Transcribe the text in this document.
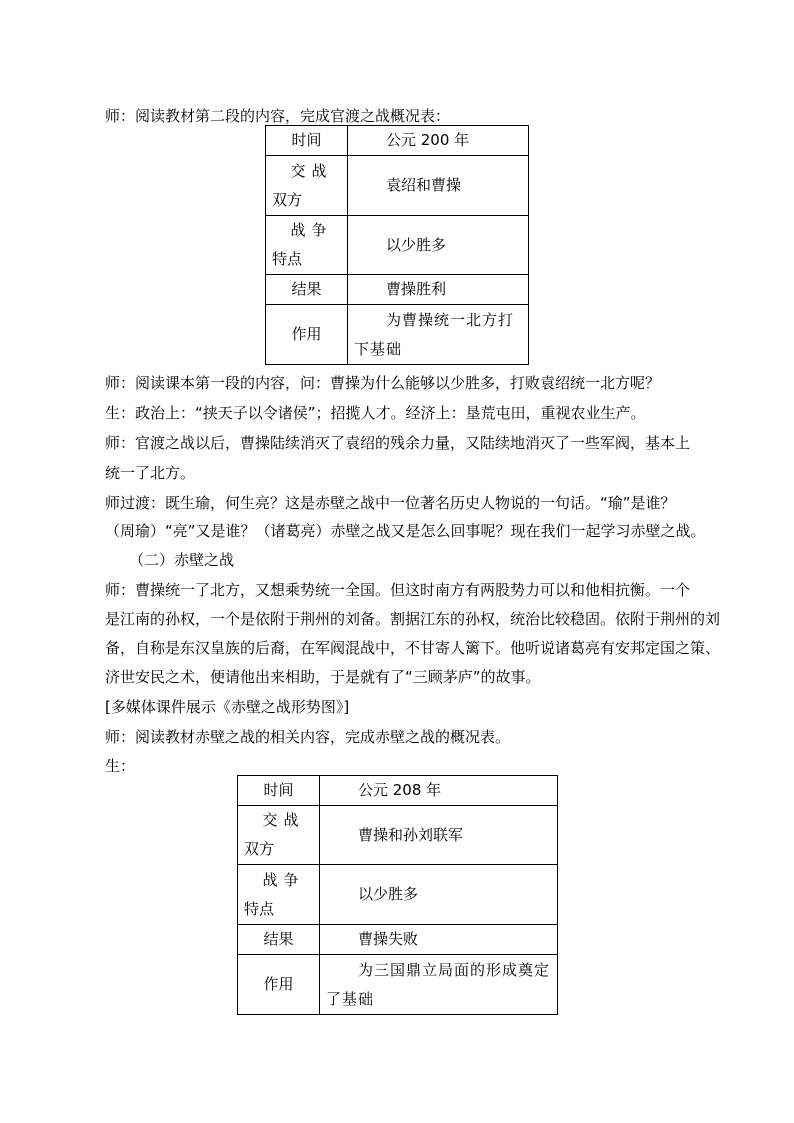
师：阅读教材第二段的内容，完成官渡之战概况表：
时间	公元 200 年

交战
双方	袁绍和曹操

战争
特点	以少胜多

结果	曹操胜利

作用	为曹操统一北方打下基础
师：阅读课本第一段的内容，问：曹操为什么能够以少胜多，打败袁绍统一北方呢？
生：政治上：“挟天子以令诸侯”；招揽人才。经济上：垦荒屯田，重视农业生产。
师：官渡之战以后，曹操陆续消灭了袁绍的残余力量，又陆续地消灭了一些军阀，基本上
统一了北方。
师过渡：既生瑜，何生亮？这是赤壁之战中一位著名历史人物说的一句话。“瑜”是谁？
（周瑜）“亮”又是谁？（诸葛亮）赤壁之战又是怎么回事呢？现在我们一起学习赤壁之战。
（二）赤壁之战
师：曹操统一了北方，又想乘势统一全国。但这时南方有两股势力可以和他相抗衡。一个
是江南的孙权，一个是依附于荆州的刘备。割据江东的孙权，统治比较稳固。依附于荆州的刘
备，自称是东汉皇族的后裔，在军阀混战中，不甘寄人篱下。他听说诸葛亮有安邦定国之策、
济世安民之术，便请他出来相助，于是就有了“三顾茅庐”的故事。
[多媒体课件展示《赤壁之战形势图》]
师：阅读教材赤壁之战的相关内容，完成赤壁之战的概况表。
生：
时间	公元 208 年

交战
双方	曹操和孙刘联军

战争
特点	以少胜多

结果	曹操失败

作用	为三国鼎立局面的形成奠定了基础
